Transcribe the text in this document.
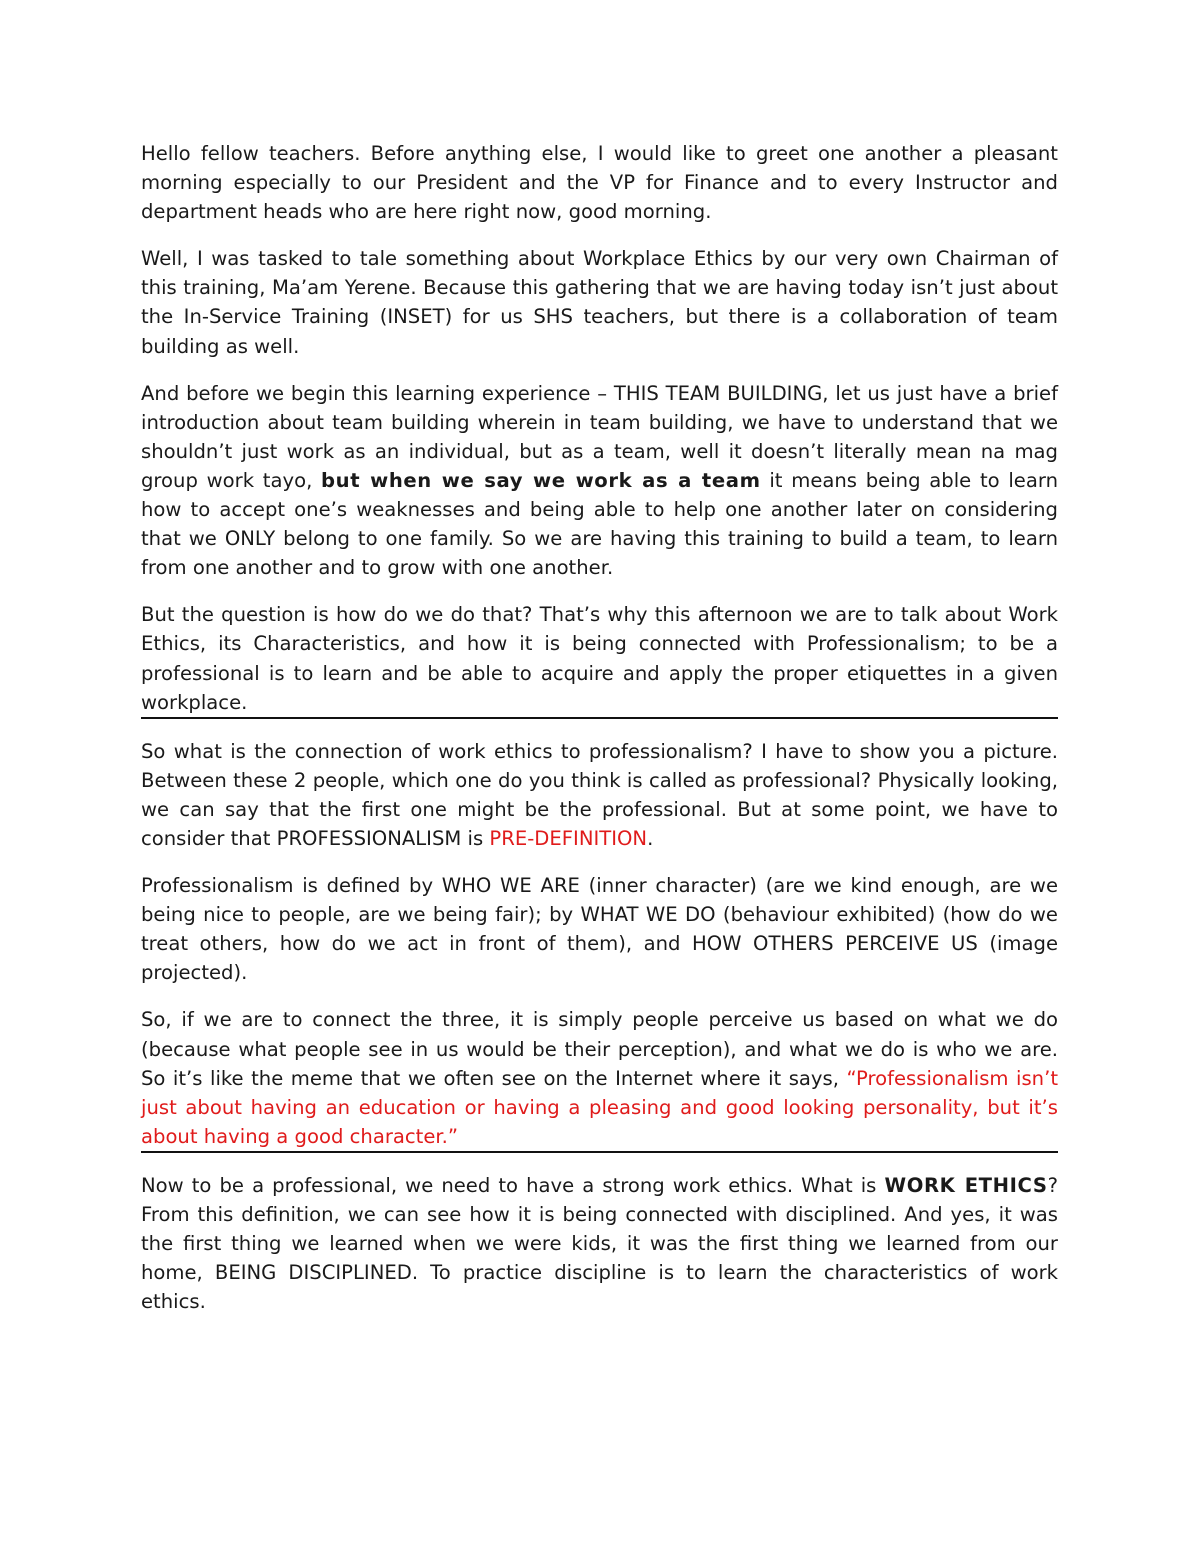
Hello fellow teachers. Before anything else, I would like to greet one another a pleasant morning especially to our President and the VP for Finance and to every Instructor and department heads who are here right now, good morning.

Well, I was tasked to tale something about Workplace Ethics by our very own Chairman of this training, Ma’am Yerene. Because this gathering that we are having today isn’t just about the In-Service Training (INSET) for us SHS teachers, but there is a collaboration of team building as well.

And before we begin this learning experience – THIS TEAM BUILDING, let us just have a brief introduction about team building wherein in team building, we have to understand that we shouldn’t just work as an individual, but as a team, well it doesn’t literally mean na mag group work tayo, but when we say we work as a team it means being able to learn how to accept one’s weaknesses and being able to help one another later on considering that we ONLY belong to one family. So we are having this training to build a team, to learn from one another and to grow with one another.

But the question is how do we do that? That’s why this afternoon we are to talk about Work Ethics, its Characteristics, and how it is being connected with Professionalism; to be a professional is to learn and be able to acquire and apply the proper etiquettes in a given workplace.

So what is the connection of work ethics to professionalism? I have to show you a picture. Between these 2 people, which one do you think is called as professional? Physically looking, we can say that the first one might be the professional. But at some point, we have to consider that PROFESSIONALISM is PRE-DEFINITION.

Professionalism is defined by WHO WE ARE (inner character) (are we kind enough, are we being nice to people, are we being fair); by WHAT WE DO (behaviour exhibited) (how do we treat others, how do we act in front of them), and HOW OTHERS PERCEIVE US (image projected).

So, if we are to connect the three, it is simply people perceive us based on what we do (because what people see in us would be their perception), and what we do is who we are. So it’s like the meme that we often see on the Internet where it says, “Professionalism isn’t just about having an education or having a pleasing and good looking personality, but it’s about having a good character.”

Now to be a professional, we need to have a strong work ethics. What is WORK ETHICS? From this definition, we can see how it is being connected with disciplined. And yes, it was the first thing we learned when we were kids, it was the first thing we learned from our home, BEING DISCIPLINED. To practice discipline is to learn the characteristics of work ethics.
